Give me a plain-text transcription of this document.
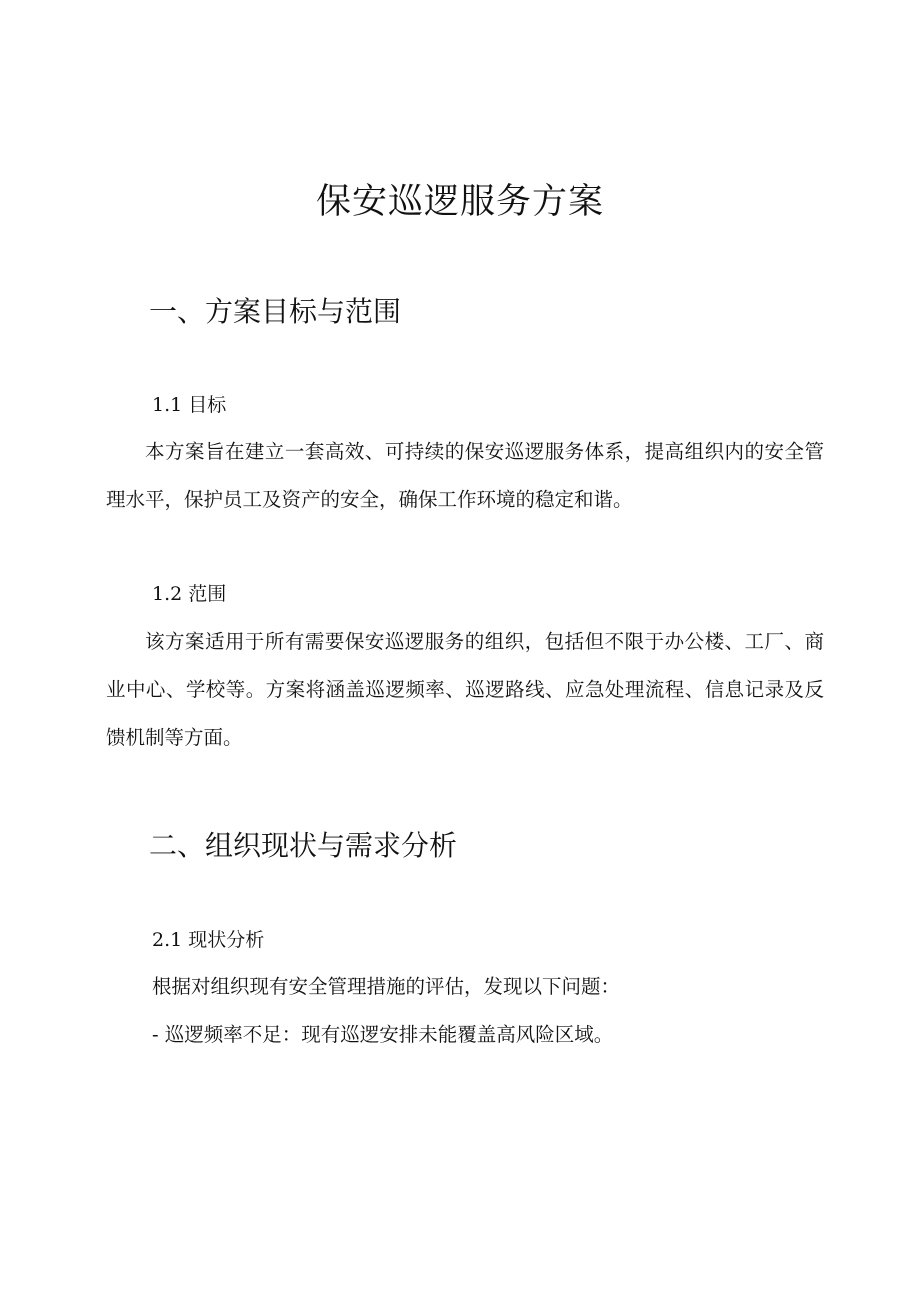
保安巡逻服务方案
一、方案目标与范围
1.1 目标

本方案旨在建立一套高效、可持续的保安巡逻服务体系，提高组织内的安全管理水平，保护员工及资产的安全，确保工作环境的稳定和谐。

1.2 范围

该方案适用于所有需要保安巡逻服务的组织，包括但不限于办公楼、工厂、商业中心、学校等。方案将涵盖巡逻频率、巡逻路线、应急处理流程、信息记录及反馈机制等方面。

二、组织现状与需求分析
2.1 现状分析

根据对组织现有安全管理措施的评估，发现以下问题：

- 巡逻频率不足：现有巡逻安排未能覆盖高风险区域。
